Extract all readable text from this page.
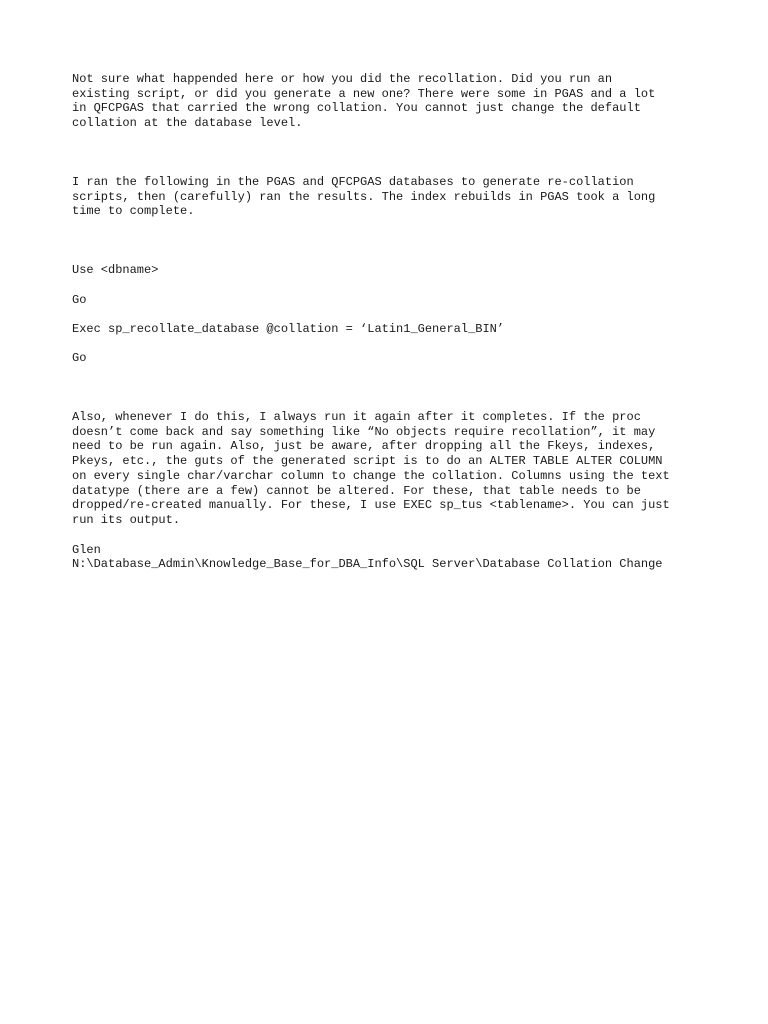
Not sure what happended here or how you did the recollation. Did you run an
existing script, or did you generate a new one? There were some in PGAS and a lot
in QFCPGAS that carried the wrong collation. You cannot just change the default
collation at the database level.

I ran the following in the PGAS and QFCPGAS databases to generate re-collation
scripts, then (carefully) ran the results. The index rebuilds in PGAS took a long
time to complete.

Use <dbname>

Go

Exec sp_recollate_database @collation = ‘Latin1_General_BIN’

Go

Also, whenever I do this, I always run it again after it completes. If the proc
doesn’t come back and say something like “No objects require recollation”, it may
need to be run again. Also, just be aware, after dropping all the Fkeys, indexes,
Pkeys, etc., the guts of the generated script is to do an ALTER TABLE ALTER COLUMN
on every single char/varchar column to change the collation. Columns using the text
datatype (there are a few) cannot be altered. For these, that table needs to be
dropped/re-created manually. For these, I use EXEC sp_tus <tablename>. You can just
run its output.

Glen

N:\Database_Admin\Knowledge_Base_for_DBA_Info\SQL Server\Database Collation Change
